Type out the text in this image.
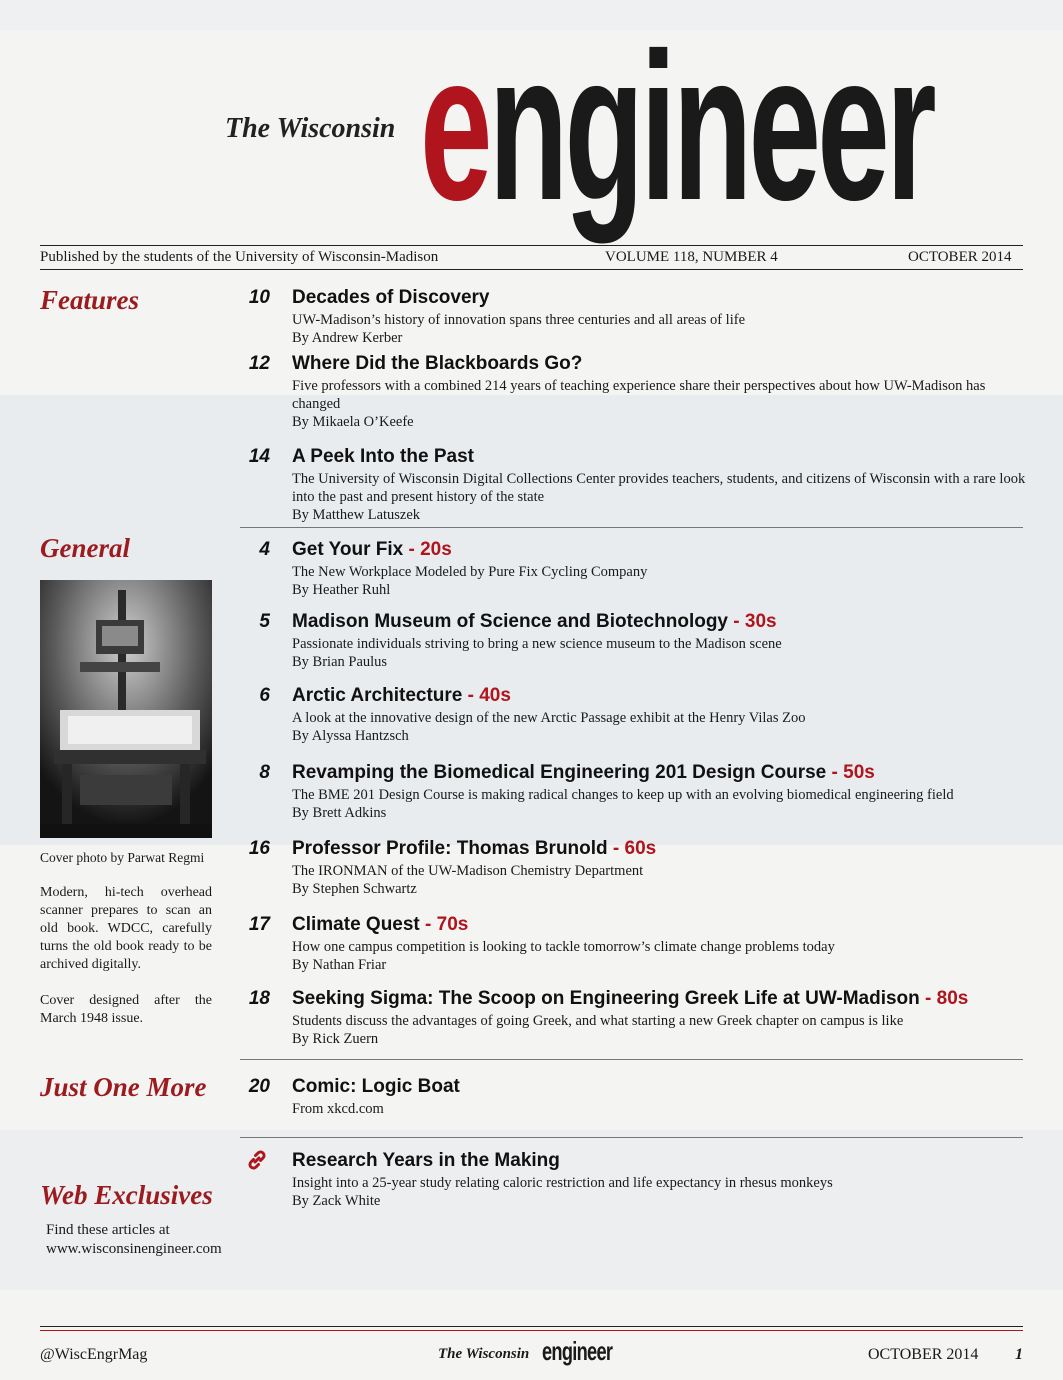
The Wisconsin engineer
Published by the students of the University of Wisconsin-Madison	VOLUME 118, NUMBER 4	OCTOBER 2014
Features
General
Just One More
Web Exclusives
10 Decades of Discovery
UW-Madison’s history of innovation spans three centuries and all areas of life
By Andrew Kerber
12 Where Did the Blackboards Go?
Five professors with a combined 214 years of teaching experience share their perspectives about how UW-Madison has changed
By Mikaela O’Keefe
14 A Peek Into the Past
The University of Wisconsin Digital Collections Center provides teachers, students, and citizens of Wisconsin with a rare look into the past and present history of the state
By Matthew Latuszek
4 Get Your Fix - 20s
The New Workplace Modeled by Pure Fix Cycling Company
By Heather Ruhl
5 Madison Museum of Science and Biotechnology - 30s
Passionate individuals striving to bring a new science museum to the Madison scene
By Brian Paulus
6 Arctic Architecture - 40s
A look at the innovative design of the new Arctic Passage exhibit at the Henry Vilas Zoo
By Alyssa Hantzsch
8 Revamping the Biomedical Engineering 201 Design Course - 50s
The BME 201 Design Course is making radical changes to keep up with an evolving biomedical engineering field
By Brett Adkins
16 Professor Profile: Thomas Brunold - 60s
The IRONMAN of the UW-Madison Chemistry Department
By Stephen Schwartz
17 Climate Quest - 70s
How one campus competition is looking to tackle tomorrow’s climate change problems today
By Nathan Friar
18 Seeking Sigma: The Scoop on Engineering Greek Life at UW-Madison - 80s
Students discuss the advantages of going Greek, and what starting a new Greek chapter on campus is like
By Rick Zuern
20 Comic: Logic Boat
From xkcd.com
Research Years in the Making
Insight into a 25-year study relating caloric restriction and life expectancy in rhesus monkeys
By Zack White
Cover photo by Parwat Regmi
Modern, hi-tech overhead scanner prepares to scan an old book. WDCC, carefully turns the old book ready to be archived digitally.
Cover designed after the March 1948 issue.
Find these articles at
www.wisconsinengineer.com
@WiscEngrMag	The Wisconsin engineer	OCTOBER 2014 1
